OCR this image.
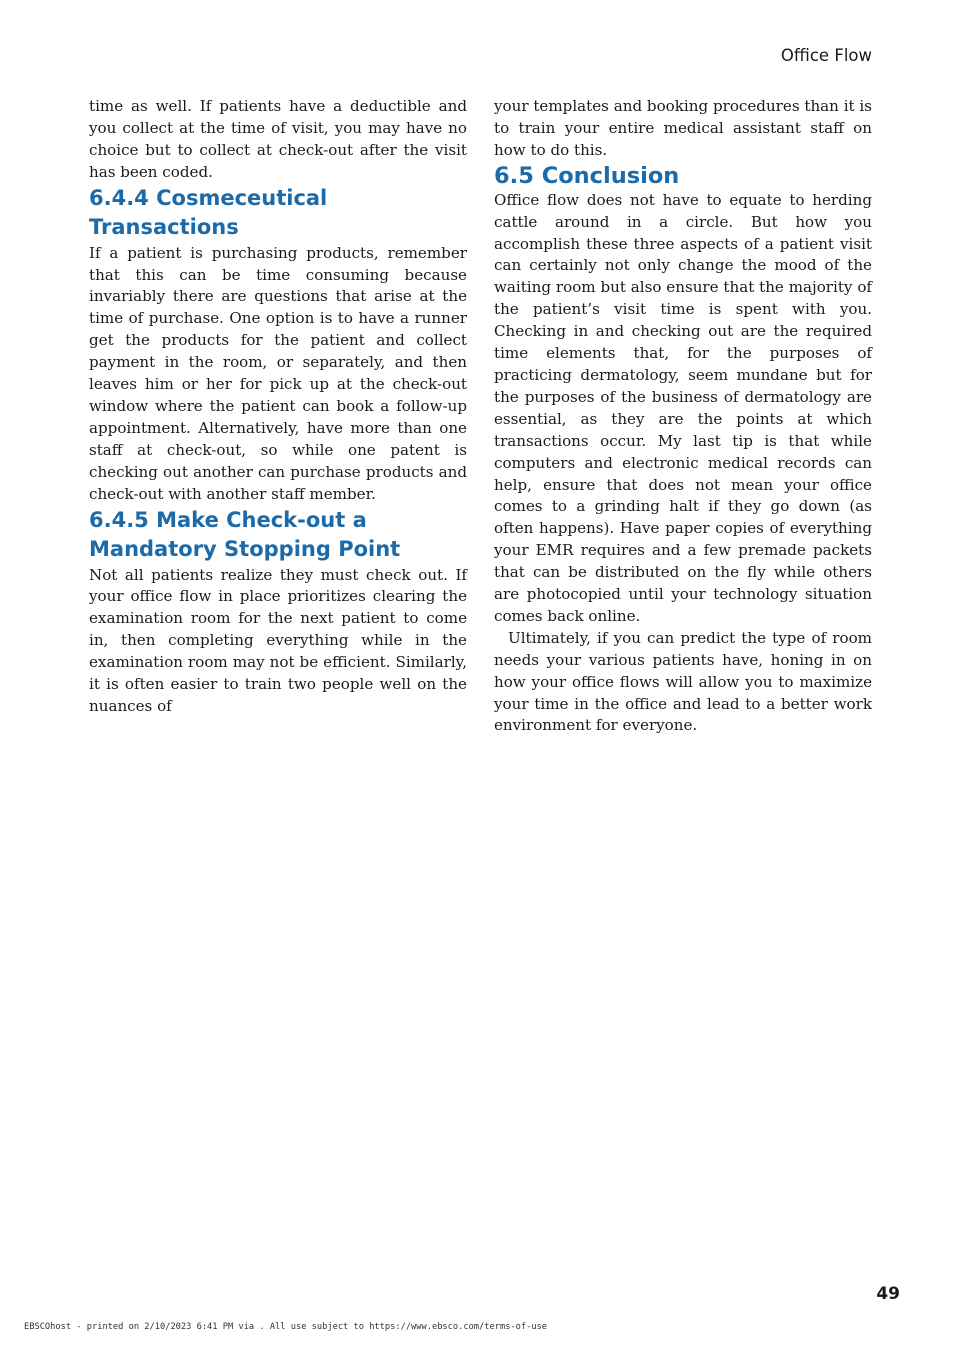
Office Flow

time as well. If patients have a deductible and you collect at the time of visit, you may have no choice but to collect at check-out after the visit has been coded.

6.4.4 Cosmeceutical Transactions

If a patient is purchasing products, remember that this can be time consuming because invariably there are questions that arise at the time of purchase. One option is to have a runner get the products for the patient and collect payment in the room, or separately, and then leaves him or her for pick up at the check-out window where the patient can book a follow-up appointment. Alternatively, have more than one staff at check-out, so while one patent is checking out another can purchase products and check-out with another staff member.

6.4.5 Make Check-out a Mandatory Stopping Point

Not all patients realize they must check out. If your office flow in place prioritizes clearing the examination room for the next patient to come in, then completing everything while in the examination room may not be efficient. Similarly, it is often easier to train two people well on the nuances of

your templates and booking procedures than it is to train your entire medical assistant staff on how to do this.

6.5 Conclusion

Office flow does not have to equate to herding cattle around in a circle. But how you accomplish these three aspects of a patient visit can certainly not only change the mood of the waiting room but also ensure that the majority of the patient’s visit time is spent with you. Checking in and checking out are the required time elements that, for the purposes of practicing dermatology, seem mundane but for the purposes of the business of dermatology are essential, as they are the points at which transactions occur. My last tip is that while computers and electronic medical records can help, ensure that does not mean your office comes to a grinding halt if they go down (as often happens). Have paper copies of everything your EMR requires and a few premade packets that can be distributed on the fly while others are photocopied until your technology situation comes back online.

Ultimately, if you can predict the type of room needs your various patients have, honing in on how your office flows will allow you to maximize your time in the office and lead to a better work environment for everyone.

49
EBSCOhost - printed on 2/10/2023 6:41 PM via . All use subject to https://www.ebsco.com/terms-of-use
